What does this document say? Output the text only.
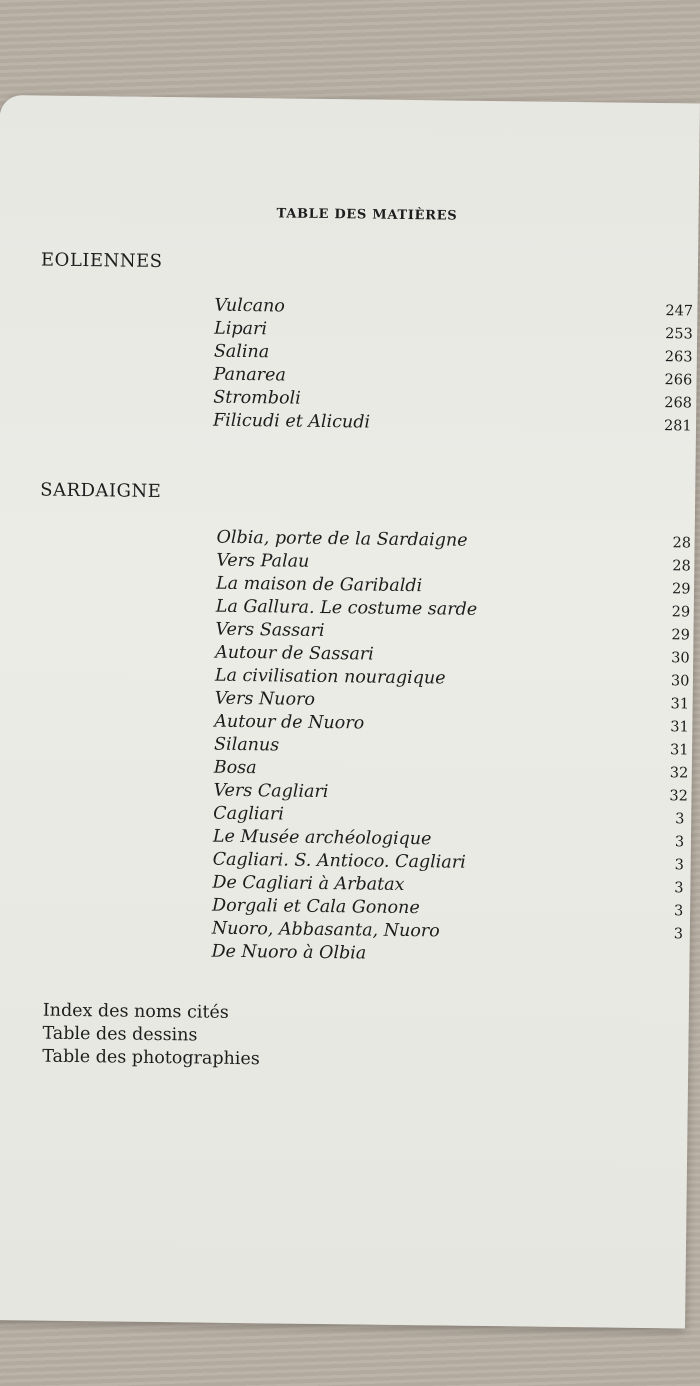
TABLE DES MATIÈRES
EOLIENNES
Vulcano	247
Lipari	253
Salina	263
Panarea	266
Stromboli	268
Filicudi et Alicudi	281
SARDAIGNE
Olbia, porte de la Sardaigne	28
Vers Palau	28
La maison de Garibaldi	29
La Gallura. Le costume sarde	29
Vers Sassari	29
Autour de Sassari	30
La civilisation nouragique	30
Vers Nuoro	31
Autour de Nuoro	31
Silanus	31
Bosa	32
Vers Cagliari	32
Cagliari	3
Le Musée archéologique	3
Cagliari. S. Antioco. Cagliari	3
De Cagliari à Arbatax	3
Dorgali et Cala Gonone	3
Nuoro, Abbasanta, Nuoro	3
De Nuoro à Olbia
Index des noms cités
Table des dessins
Table des photographies
